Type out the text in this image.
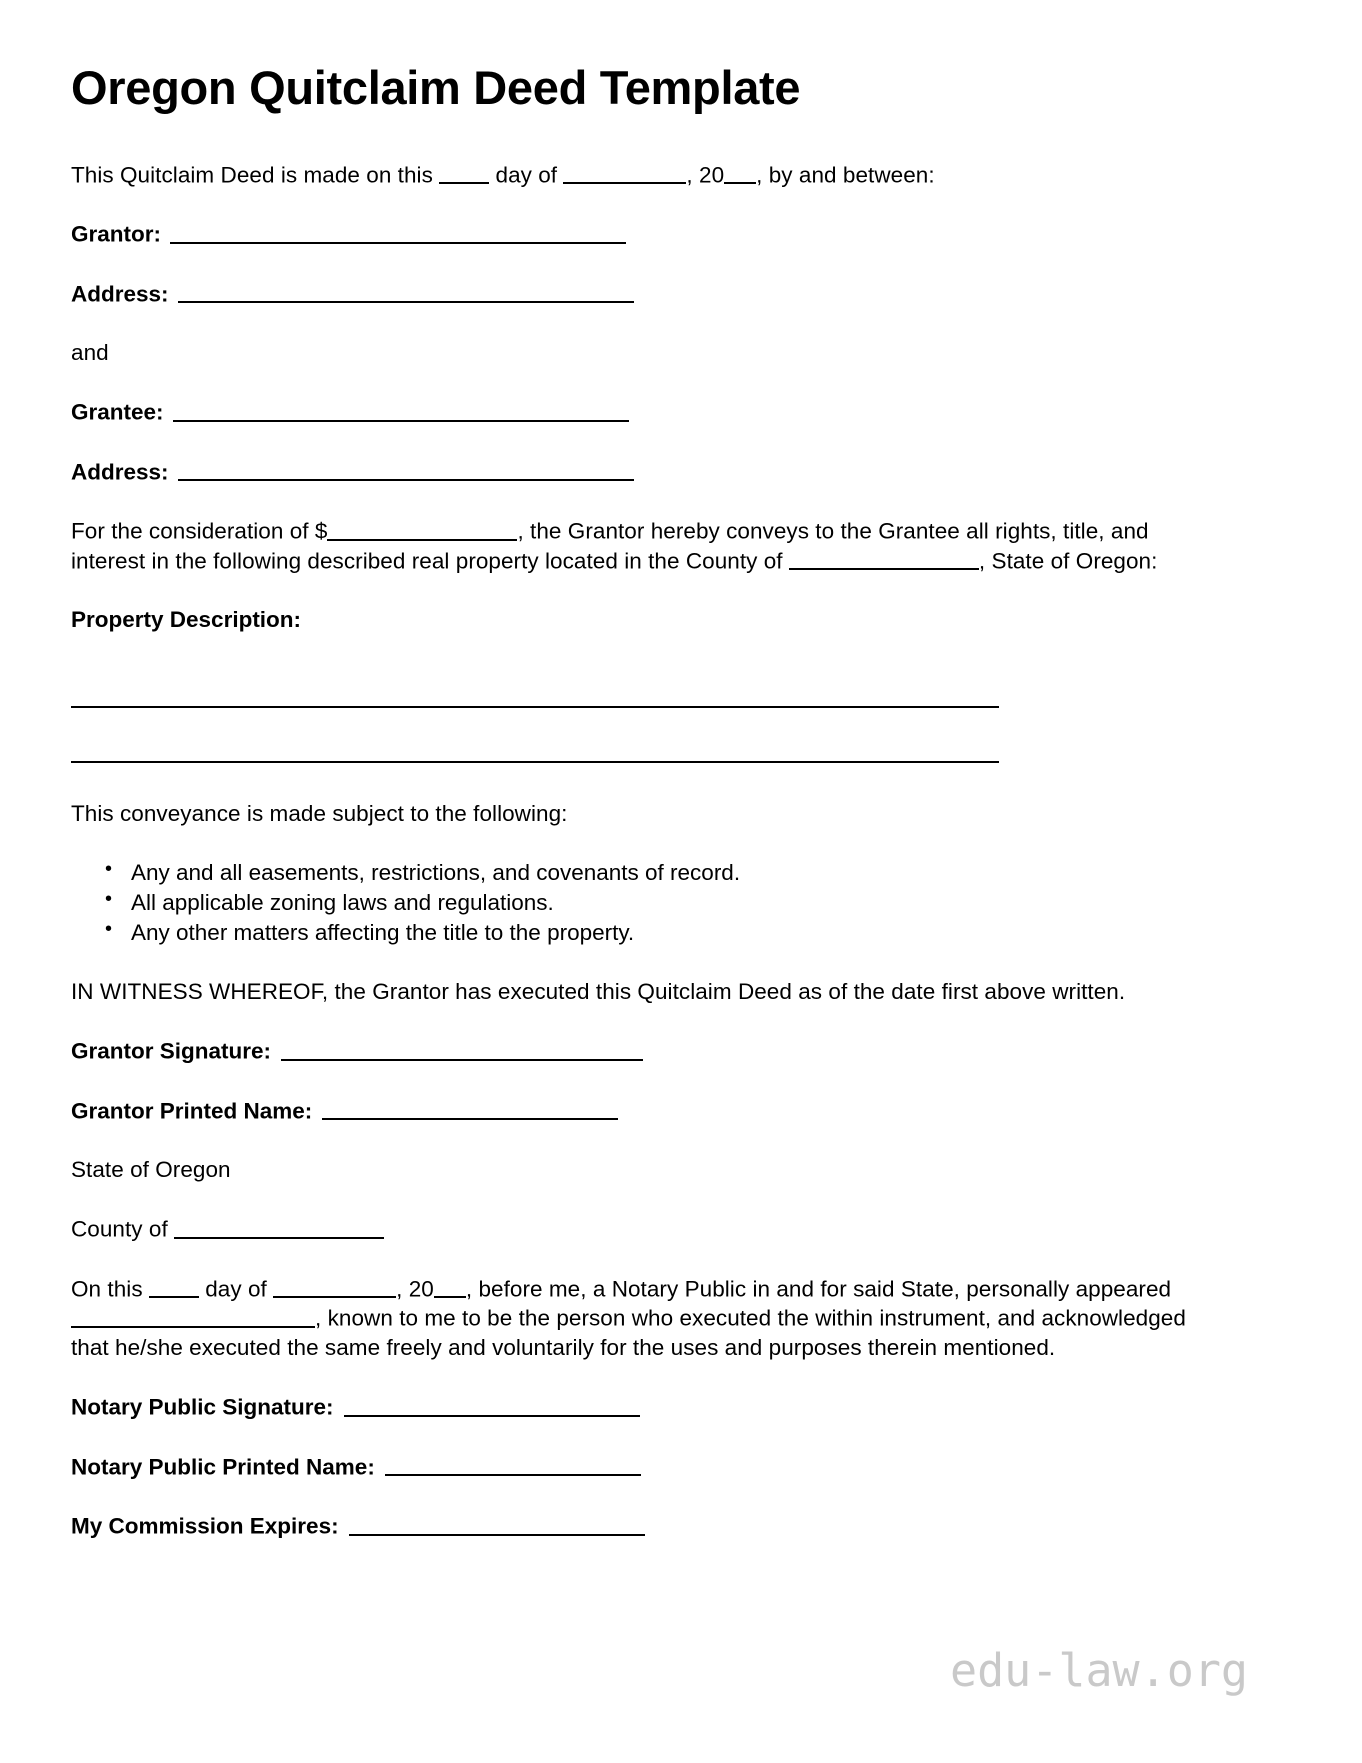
Oregon Quitclaim Deed Template

This Quitclaim Deed is made on this  day of	, 20 , by and between:

Grantor:
Address:

and

Grantee:
Address:

For the consideration of $	, the Grantor hereby conveys to the Grantee all rights, title, and interest in the following described real property located in the County of	, State of Oregon:

Property Description:

This conveyance is made subject to the following:

• Any and all easements, restrictions, and covenants of record.
• All applicable zoning laws and regulations.
• Any other matters affecting the title to the property.

IN WITNESS WHEREOF, the Grantor has executed this Quitclaim Deed as of the date first above written.

Grantor Signature:
Grantor Printed Name:

State of Oregon

County of

On this  day of	, 20 , before me, a Notary Public in and for said State, personally appeared , known to me to be the person who executed the within instrument, and acknowledged that he/she executed the same freely and voluntarily for the uses and purposes therein mentioned.

Notary Public Signature:
Notary Public Printed Name:
My Commission Expires:
edu-law.org
